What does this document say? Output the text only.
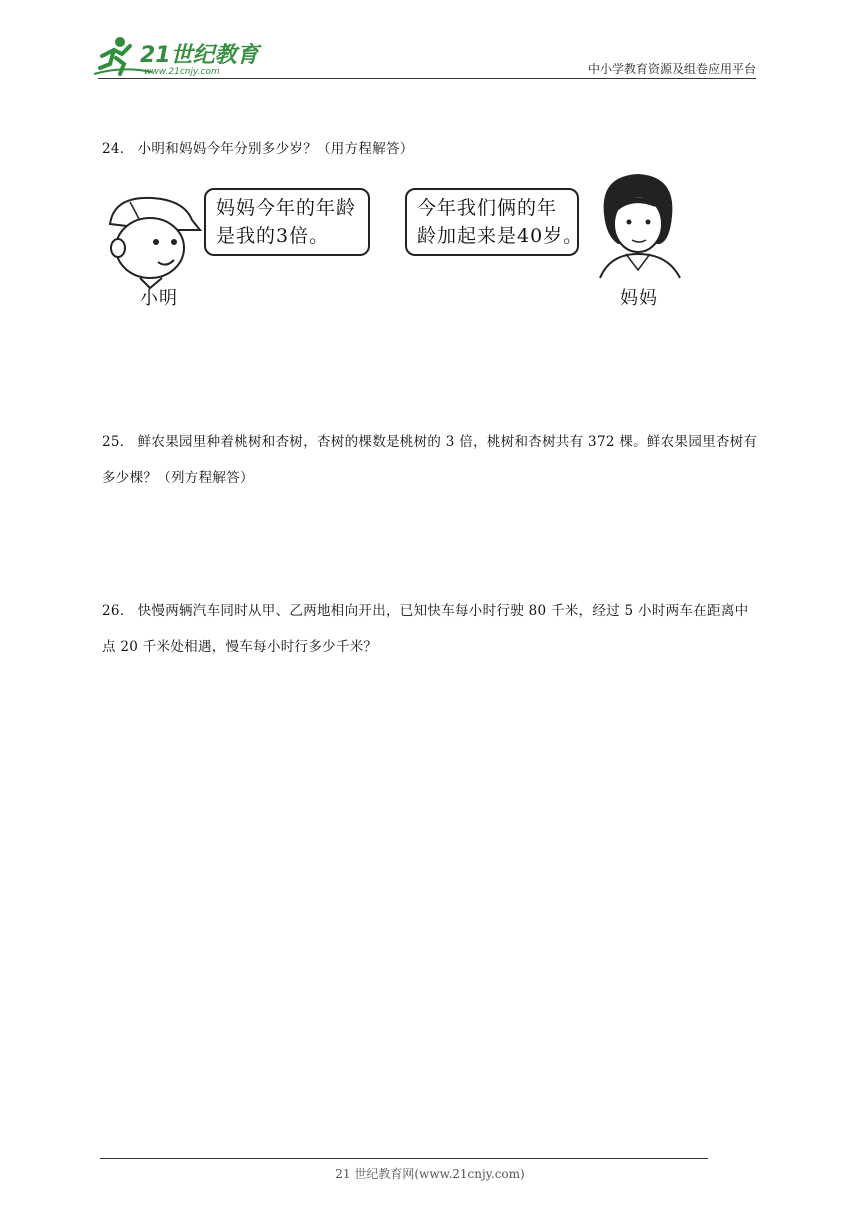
21世纪教育
www.21cnjy.com	中小学教育资源及组卷应用平台
24． 小明和妈妈今年分别多少岁？（用方程解答）
妈妈今年的年龄
是我的3倍。
今年我们俩的年
龄加起来是40岁。
小明	妈妈
25． 鲜农果园里种着桃树和杏树，杏树的棵数是桃树的 3 倍，桃树和杏树共有 372 棵。鲜农果园里杏树有多少棵？（列方程解答）
26． 快慢两辆汽车同时从甲、乙两地相向开出，已知快车每小时行驶 80 千米，经过 5 小时两车在距离中点 20 千米处相遇，慢车每小时行多少千米？
21 世纪教育网(www.21cnjy.com)
